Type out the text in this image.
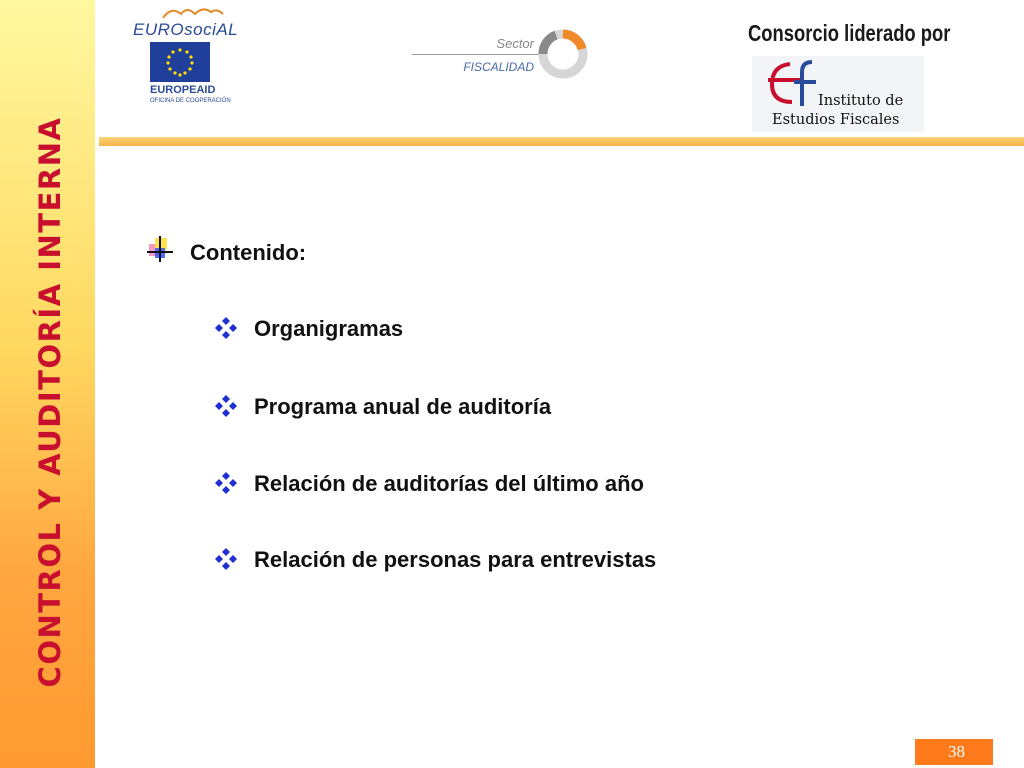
CONTROL Y AUDITORÍA INTERNA
EUROsociAL
EUROPEAID
OFICINA DE COOPERACIÓN
Sector
FISCALIDAD
Consorcio liderado por
Instituto de
Estudios Fiscales
Contenido:
Organigramas
Programa anual de auditoría
Relación de auditorías del último año
Relación de personas para entrevistas
38
